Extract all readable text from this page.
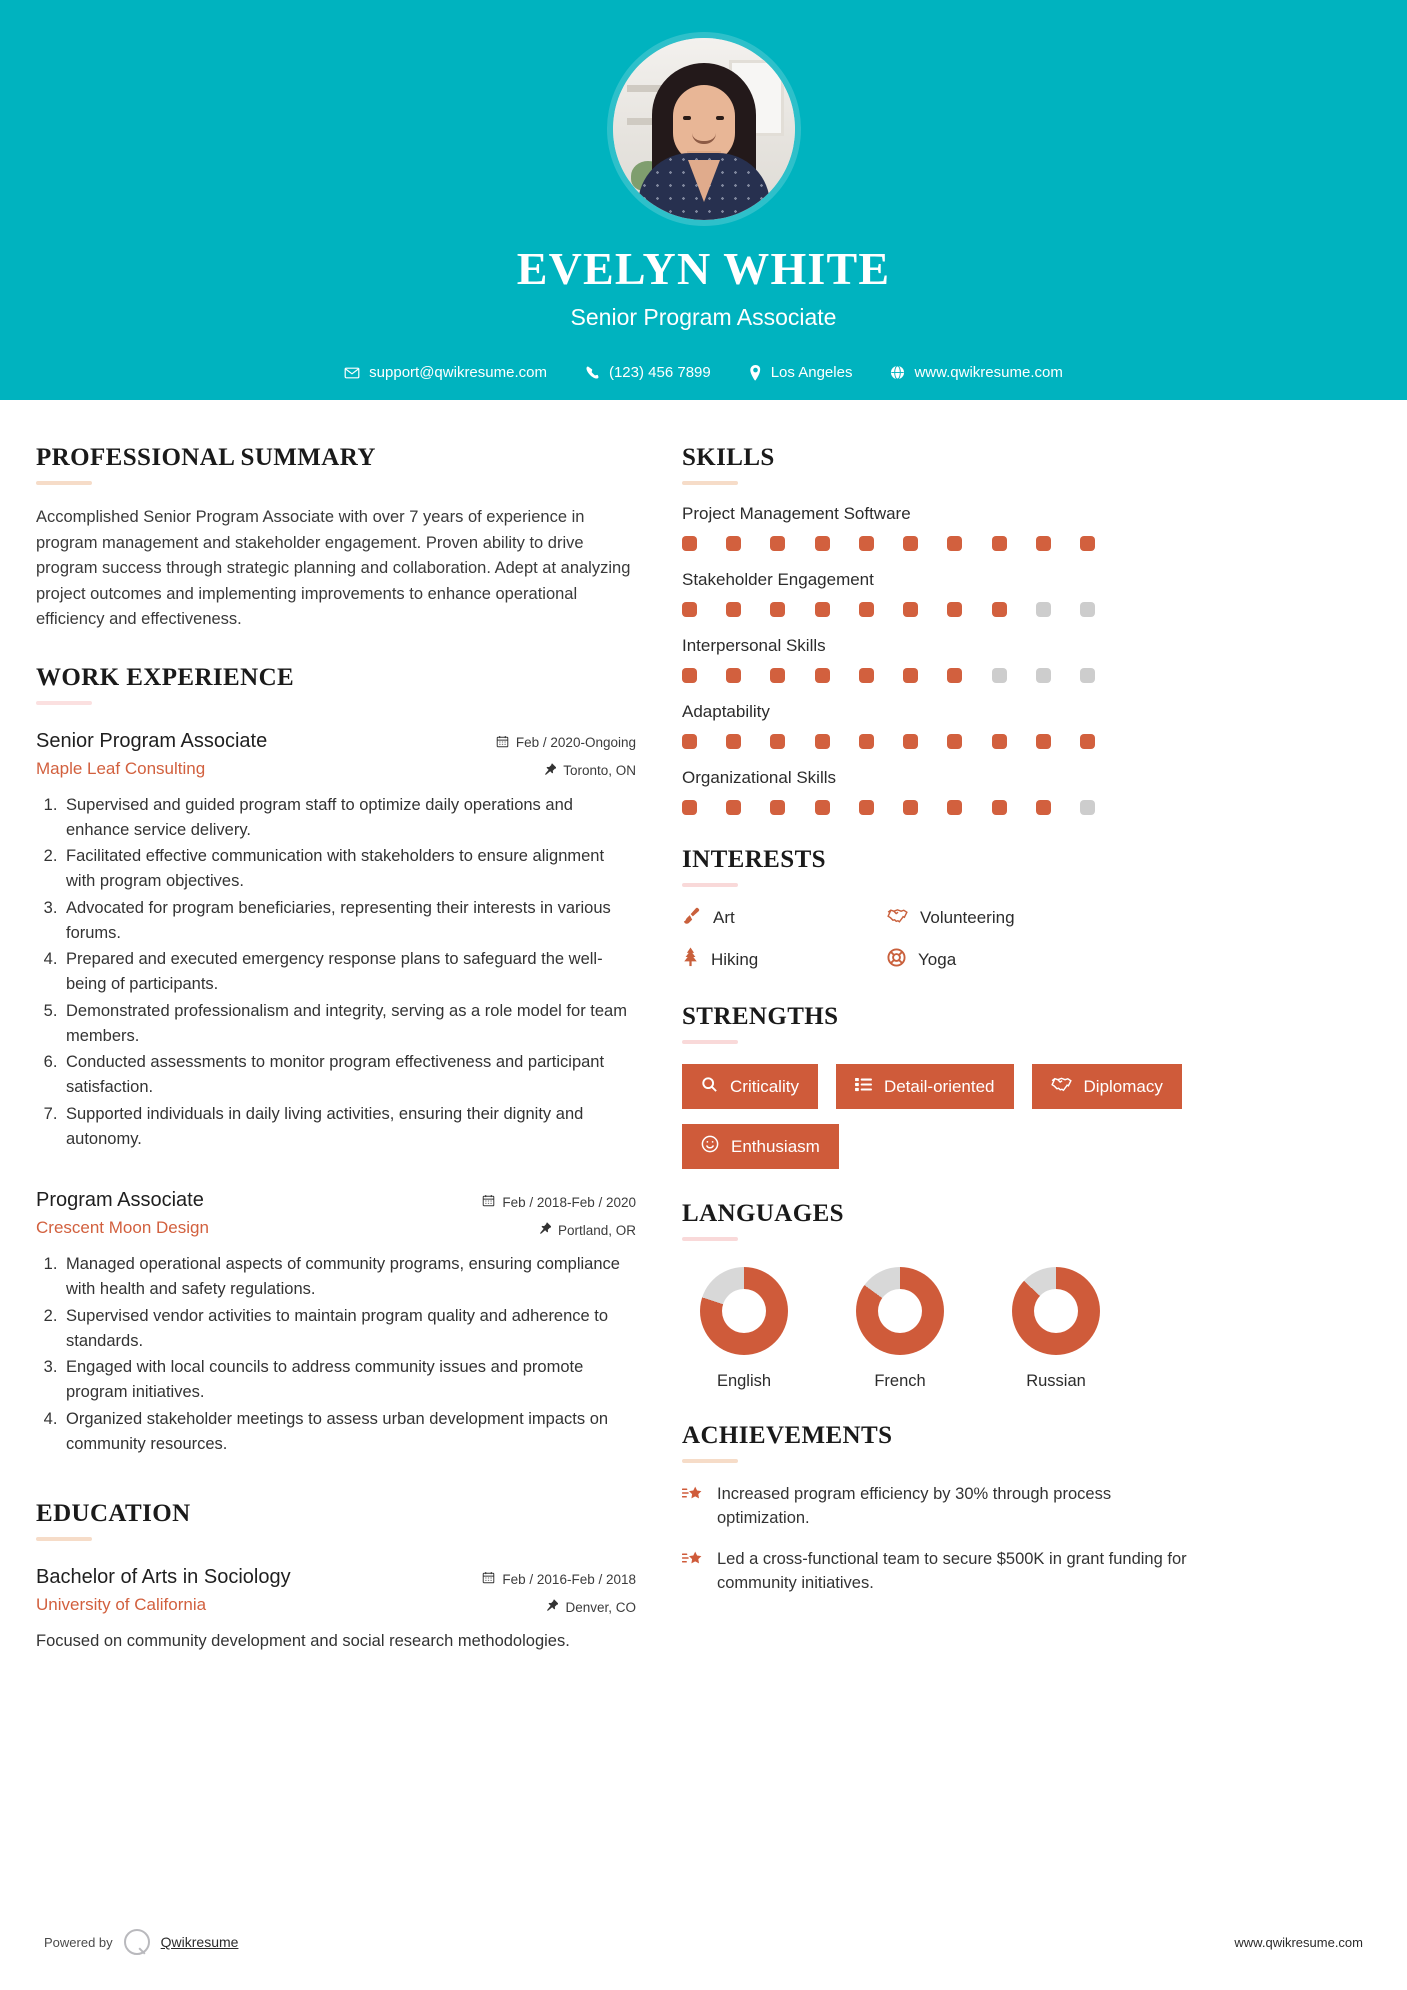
EVELYN WHITE
Senior Program Associate
support@qwikresume.com	(123) 456 7899	Los Angeles	www.qwikresume.com
PROFESSIONAL SUMMARY
Accomplished Senior Program Associate with over 7 years of experience in program management and stakeholder engagement. Proven ability to drive program success through strategic planning and collaboration. Adept at analyzing project outcomes and implementing improvements to enhance operational efficiency and effectiveness.
WORK EXPERIENCE
Senior Program Associate
Maple Leaf Consulting
Feb / 2020-Ongoing
Toronto, ON
1. Supervised and guided program staff to optimize daily operations and enhance service delivery.
2. Facilitated effective communication with stakeholders to ensure alignment with program objectives.
3. Advocated for program beneficiaries, representing their interests in various forums.
4. Prepared and executed emergency response plans to safeguard the well-being of participants.
5. Demonstrated professionalism and integrity, serving as a role model for team members.
6. Conducted assessments to monitor program effectiveness and participant satisfaction.
7. Supported individuals in daily living activities, ensuring their dignity and autonomy.
Program Associate
Crescent Moon Design
Feb / 2018-Feb / 2020
Portland, OR
1. Managed operational aspects of community programs, ensuring compliance with health and safety regulations.
2. Supervised vendor activities to maintain program quality and adherence to standards.
3. Engaged with local councils to address community issues and promote program initiatives.
4. Organized stakeholder meetings to assess urban development impacts on community resources.
EDUCATION
Bachelor of Arts in Sociology
University of California
Feb / 2016-Feb / 2018
Denver, CO
Focused on community development and social research methodologies.
SKILLS
Project Management Software
Stakeholder Engagement
Interpersonal Skills
Adaptability
Organizational Skills
INTERESTS
Art	Volunteering
Hiking	Yoga
STRENGTHS
Criticality	Detail-oriented	Diplomacy
Enthusiasm
LANGUAGES
English	French	Russian
ACHIEVEMENTS
Increased program efficiency by 30% through process optimization.
Led a cross-functional team to secure $500K in grant funding for community initiatives.
Powered by	Qwikresume	www.qwikresume.com
